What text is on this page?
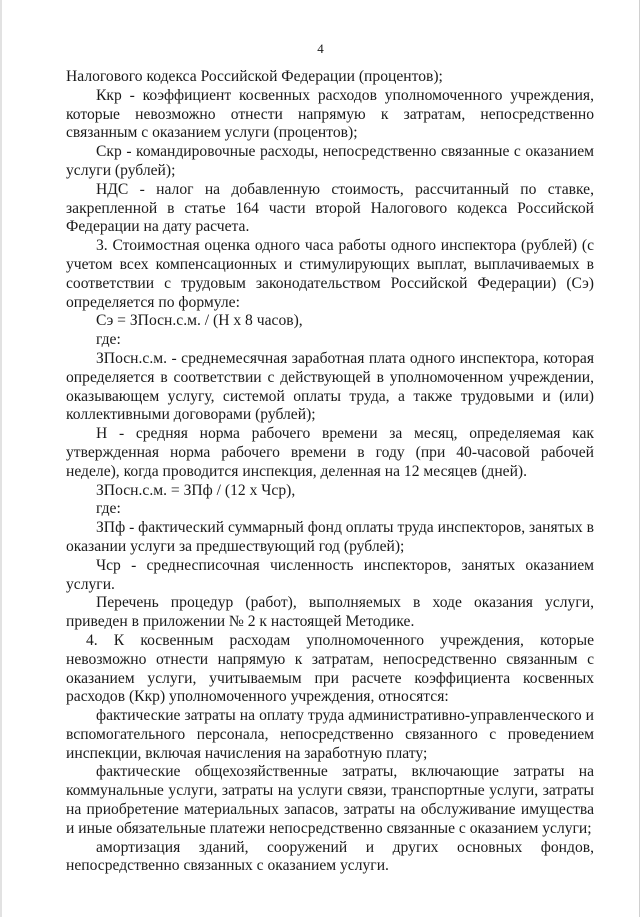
4

Налогового кодекса Российской Федерации (процентов);

Ккр - коэффициент косвенных расходов уполномоченного учреждения, которые невозможно отнести напрямую к затратам, непосредственно связанным с оказанием услуги (процентов);

Скр - командировочные расходы, непосредственно связанные с оказанием услуги (рублей);

НДС - налог на добавленную стоимость, рассчитанный по ставке, закрепленной в статье 164 части второй Налогового кодекса Российской Федерации на дату расчета.

3. Стоимостная оценка одного часа работы одного инспектора (рублей) (с учетом всех компенсационных и стимулирующих выплат, выплачиваемых в соответствии с трудовым законодательством Российской Федерации) (Сэ) определяется по формуле:

Сэ = ЗПосн.с.м. / (Н x 8 часов),

где:

ЗПосн.с.м. - среднемесячная заработная плата одного инспектора, которая определяется в соответствии с действующей в уполномоченном учреждении, оказывающем услугу, системой оплаты труда, а также трудовыми и (или) коллективными договорами (рублей);

Н - средняя норма рабочего времени за месяц, определяемая как утвержденная норма рабочего времени в году (при 40-часовой рабочей неделе), когда проводится инспекция, деленная на 12 месяцев (дней).

ЗПосн.с.м. = ЗПф / (12 x Чср),

где:

ЗПф - фактический суммарный фонд оплаты труда инспекторов, занятых в оказании услуги за предшествующий год (рублей);

Чср - среднесписочная численность инспекторов, занятых оказанием услуги.

Перечень процедур (работ), выполняемых в ходе оказания услуги, приведен в приложении № 2 к настоящей Методике.

4. К косвенным расходам уполномоченного учреждения, которые невозможно отнести напрямую к затратам, непосредственно связанным с оказанием услуги, учитываемым при расчете коэффициента косвенных расходов (Ккр) уполномоченного учреждения, относятся:

фактические затраты на оплату труда административно-управленческого и вспомогательного персонала, непосредственно связанного с проведением инспекции, включая начисления на заработную плату;

фактические общехозяйственные затраты, включающие затраты на коммунальные услуги, затраты на услуги связи, транспортные услуги, затраты на приобретение материальных запасов, затраты на обслуживание имущества и иные обязательные платежи непосредственно связанные с оказанием услуги;

амортизация зданий, сооружений и других основных фондов, непосредственно связанных с оказанием услуги.
